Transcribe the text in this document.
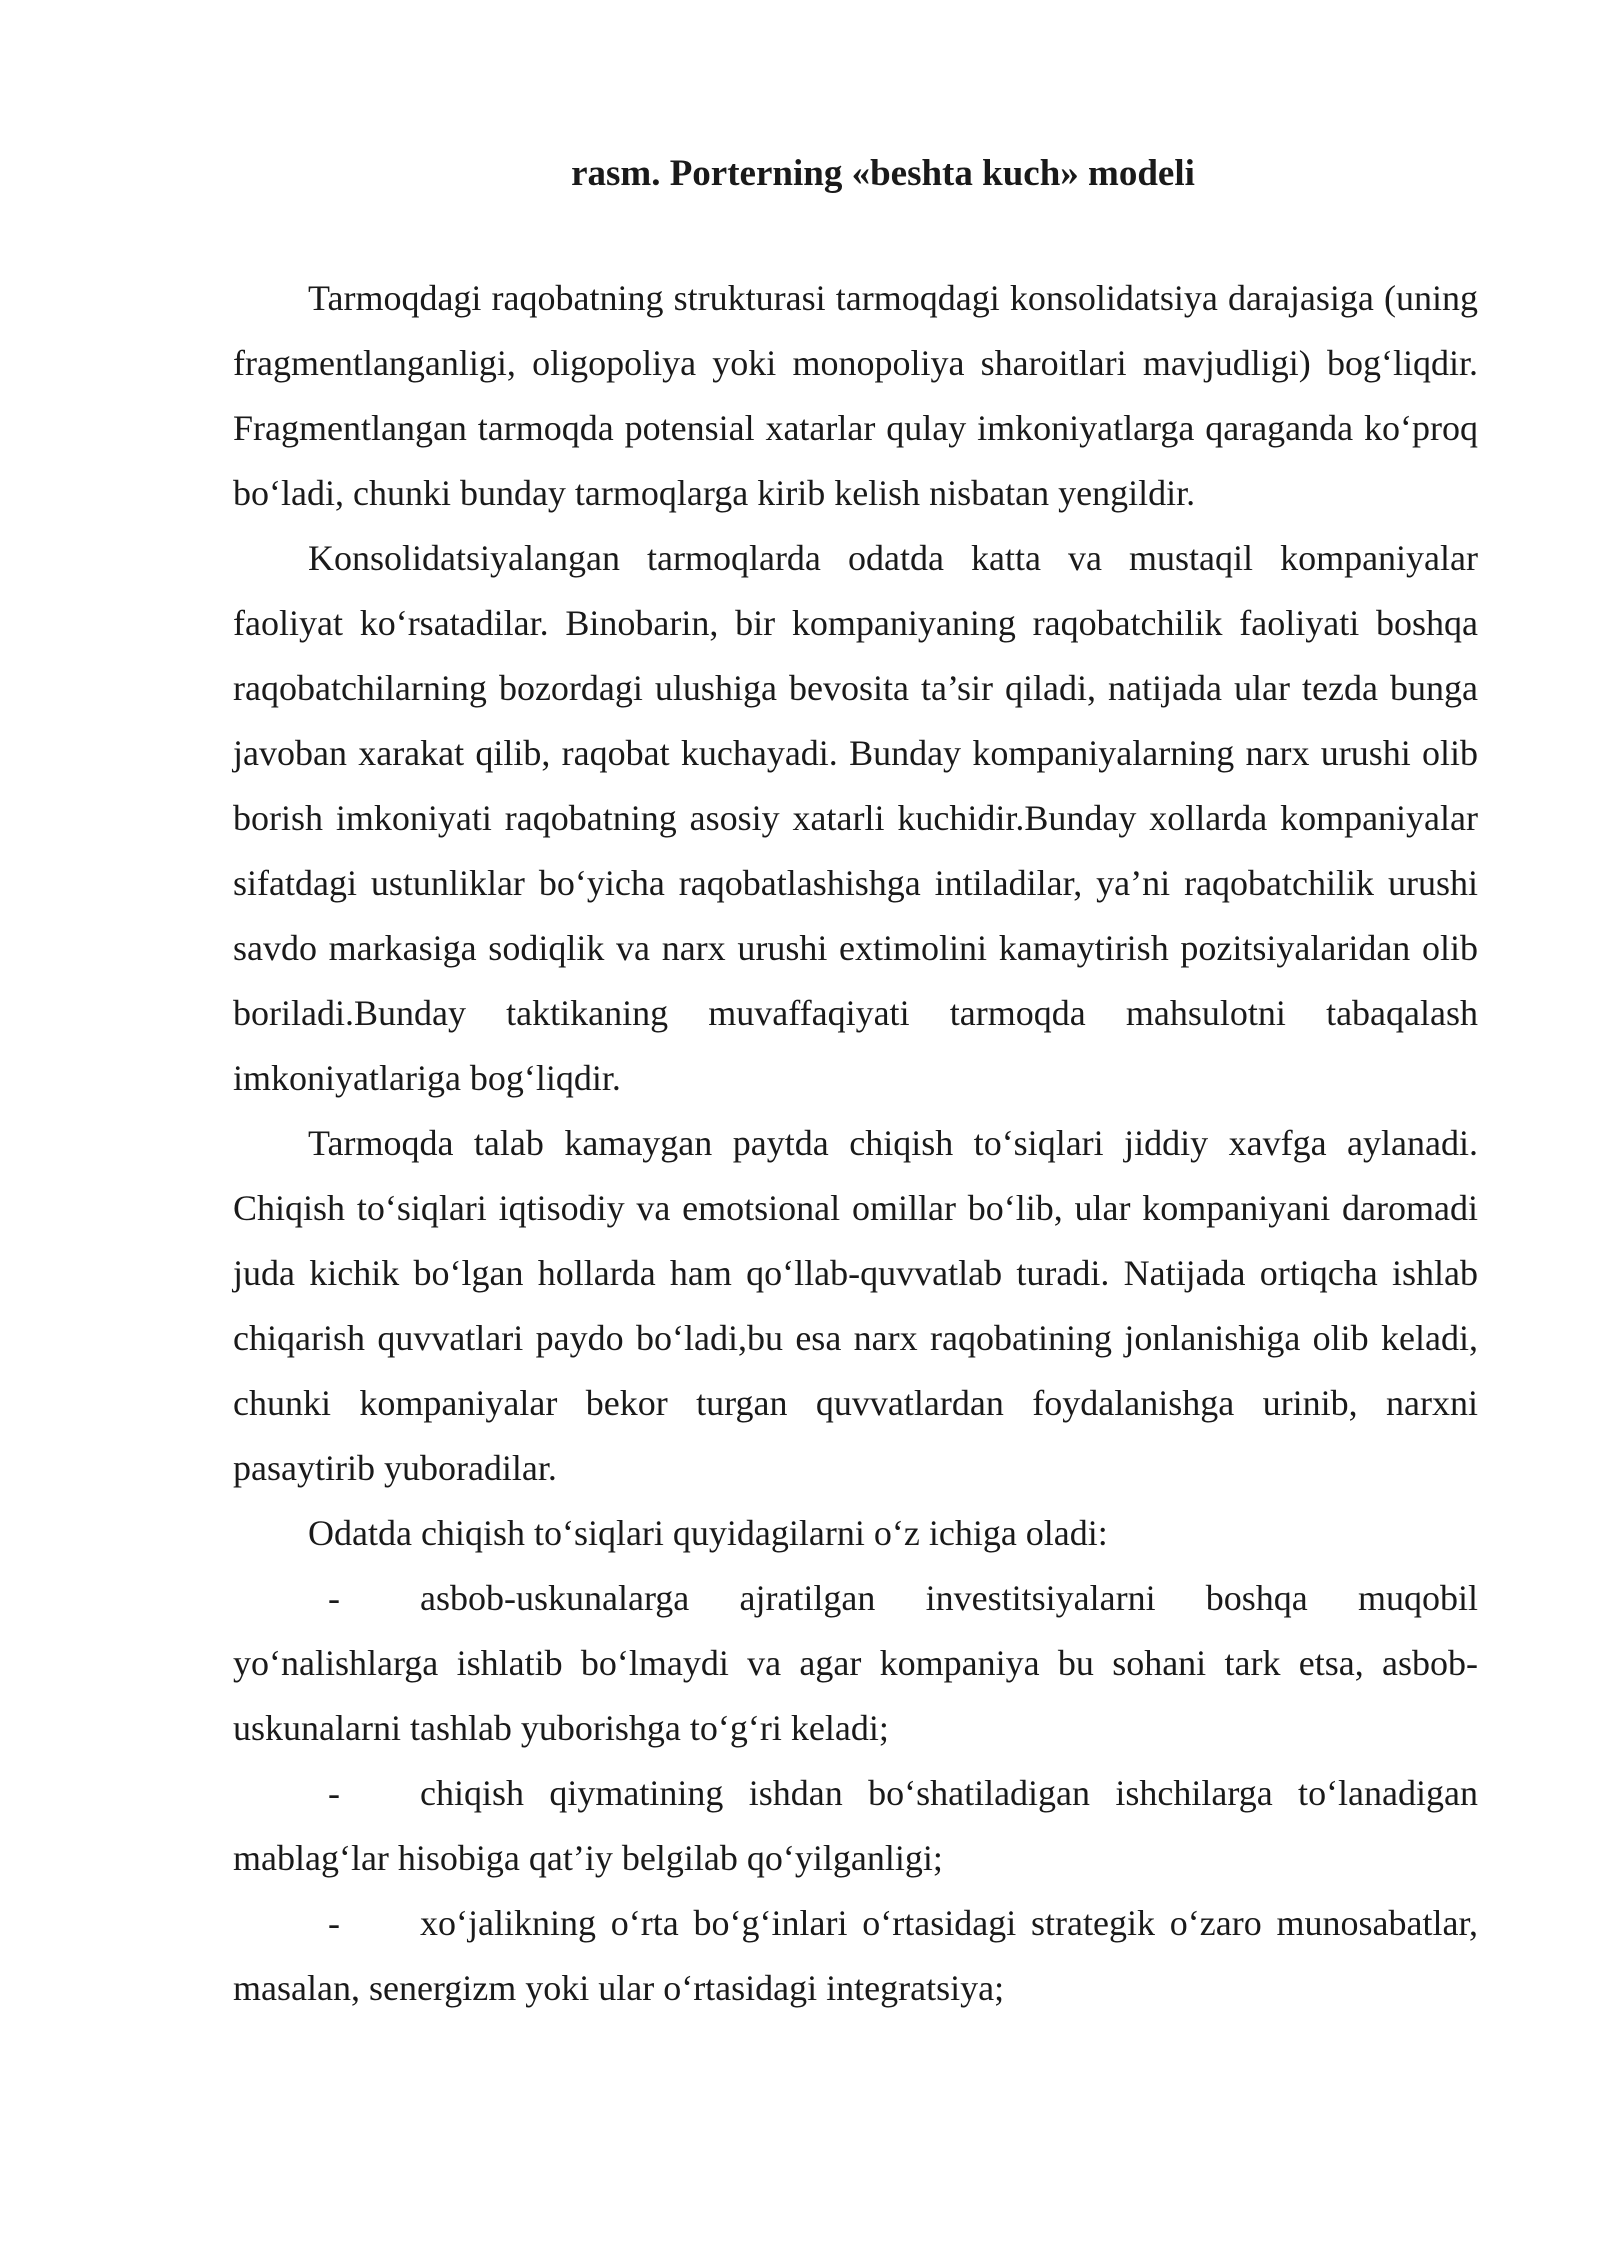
rasm. Porterning «beshta kuch» modeli

Tarmoqdagi raqobatning strukturasi tarmoqdagi konsolidatsiya darajasiga (uning fragmentlanganligi, oligopoliya yoki monopoliya sharoitlari mavjudligi) bog‘liqdir. Fragmentlangan tarmoqda potensial xatarlar qulay imkoniyatlarga qaraganda ko‘proq bo‘ladi, chunki bunday tarmoqlarga kirib kelish nisbatan yengildir.

Konsolidatsiyalangan tarmoqlarda odatda katta va mustaqil kompaniyalar faoliyat ko‘rsatadilar. Binobarin, bir kompaniyaning raqobatchilik faoliyati boshqa raqobatchilarning bozordagi ulushiga bevosita ta’sir qiladi, natijada ular tezda bunga javoban xarakat qilib, raqobat kuchayadi. Bunday kompaniyalarning narx urushi olib borish imkoniyati raqobatning asosiy xatarli kuchidir.Bunday xollarda kompaniyalar sifatdagi ustunliklar bo‘yicha raqobatlashishga intiladilar, ya’ni raqobatchilik urushi savdo markasiga sodiqlik va narx urushi extimolini kamaytirish pozitsiyalaridan olib boriladi.Bunday taktikaning muvaffaqiyati tarmoqda mahsulotni tabaqalash imkoniyatlariga bog‘liqdir.

Tarmoqda talab kamaygan paytda chiqish to‘siqlari jiddiy xavfga aylanadi. Chiqish to‘siqlari iqtisodiy va emotsional omillar bo‘lib, ular kompaniyani daromadi juda kichik bo‘lgan hollarda ham qo‘llab-quvvatlab turadi. Natijada ortiqcha ishlab chiqarish quvvatlari paydo bo‘ladi,bu esa narx raqobatining jonlanishiga olib keladi, chunki kompaniyalar bekor turgan quvvatlardan foydalanishga urinib, narxni pasaytirib yuboradilar.

Odatda chiqish to‘siqlari quyidagilarni o‘z ichiga oladi:

- asbob-uskunalarga ajratilgan investitsiyalarni boshqa muqobil yo‘nalishlarga ishlatib bo‘lmaydi va agar kompaniya bu sohani tark etsa, asbob-uskunalarni tashlab yuborishga to‘g‘ri keladi;

- chiqish qiymatining ishdan bo‘shatiladigan ishchilarga to‘lanadigan mablag‘lar hisobiga qat’iy belgilab qo‘yilganligi;

- xo‘jalikning o‘rta bo‘g‘inlari o‘rtasidagi strategik o‘zaro munosabatlar, masalan, senergizm yoki ular o‘rtasidagi integratsiya;
